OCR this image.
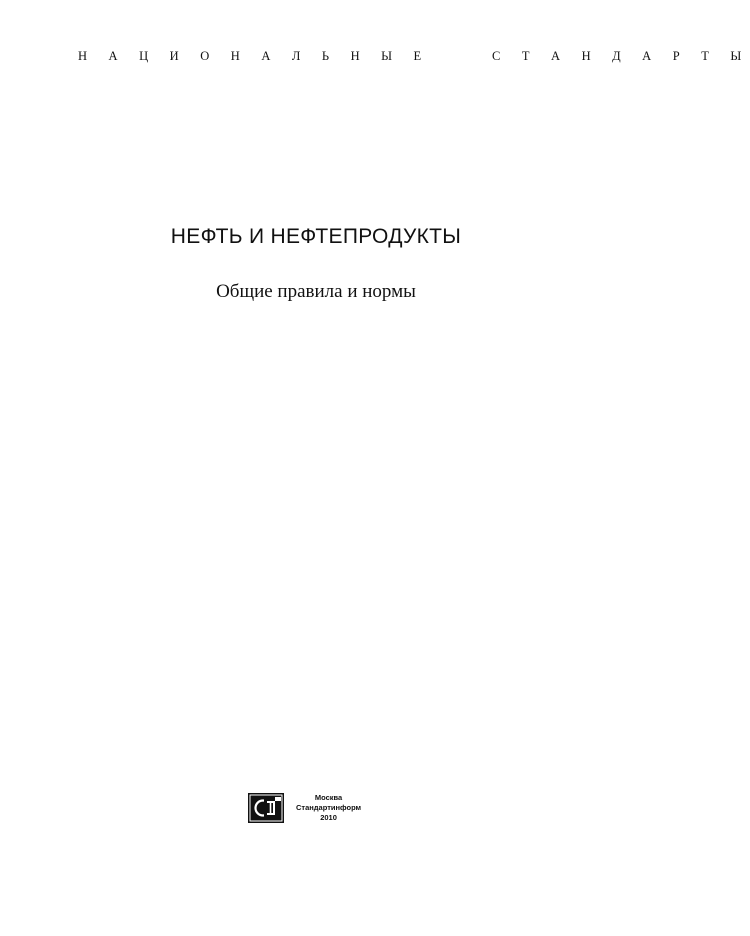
Н А Ц И О Н А Л Ь Н Ы Е     С Т А Н Д А Р Т Ы
НЕФТЬ И НЕФТЕПРОДУКТЫ
Общие правила и нормы
Москва
Стандартинформ
2010
